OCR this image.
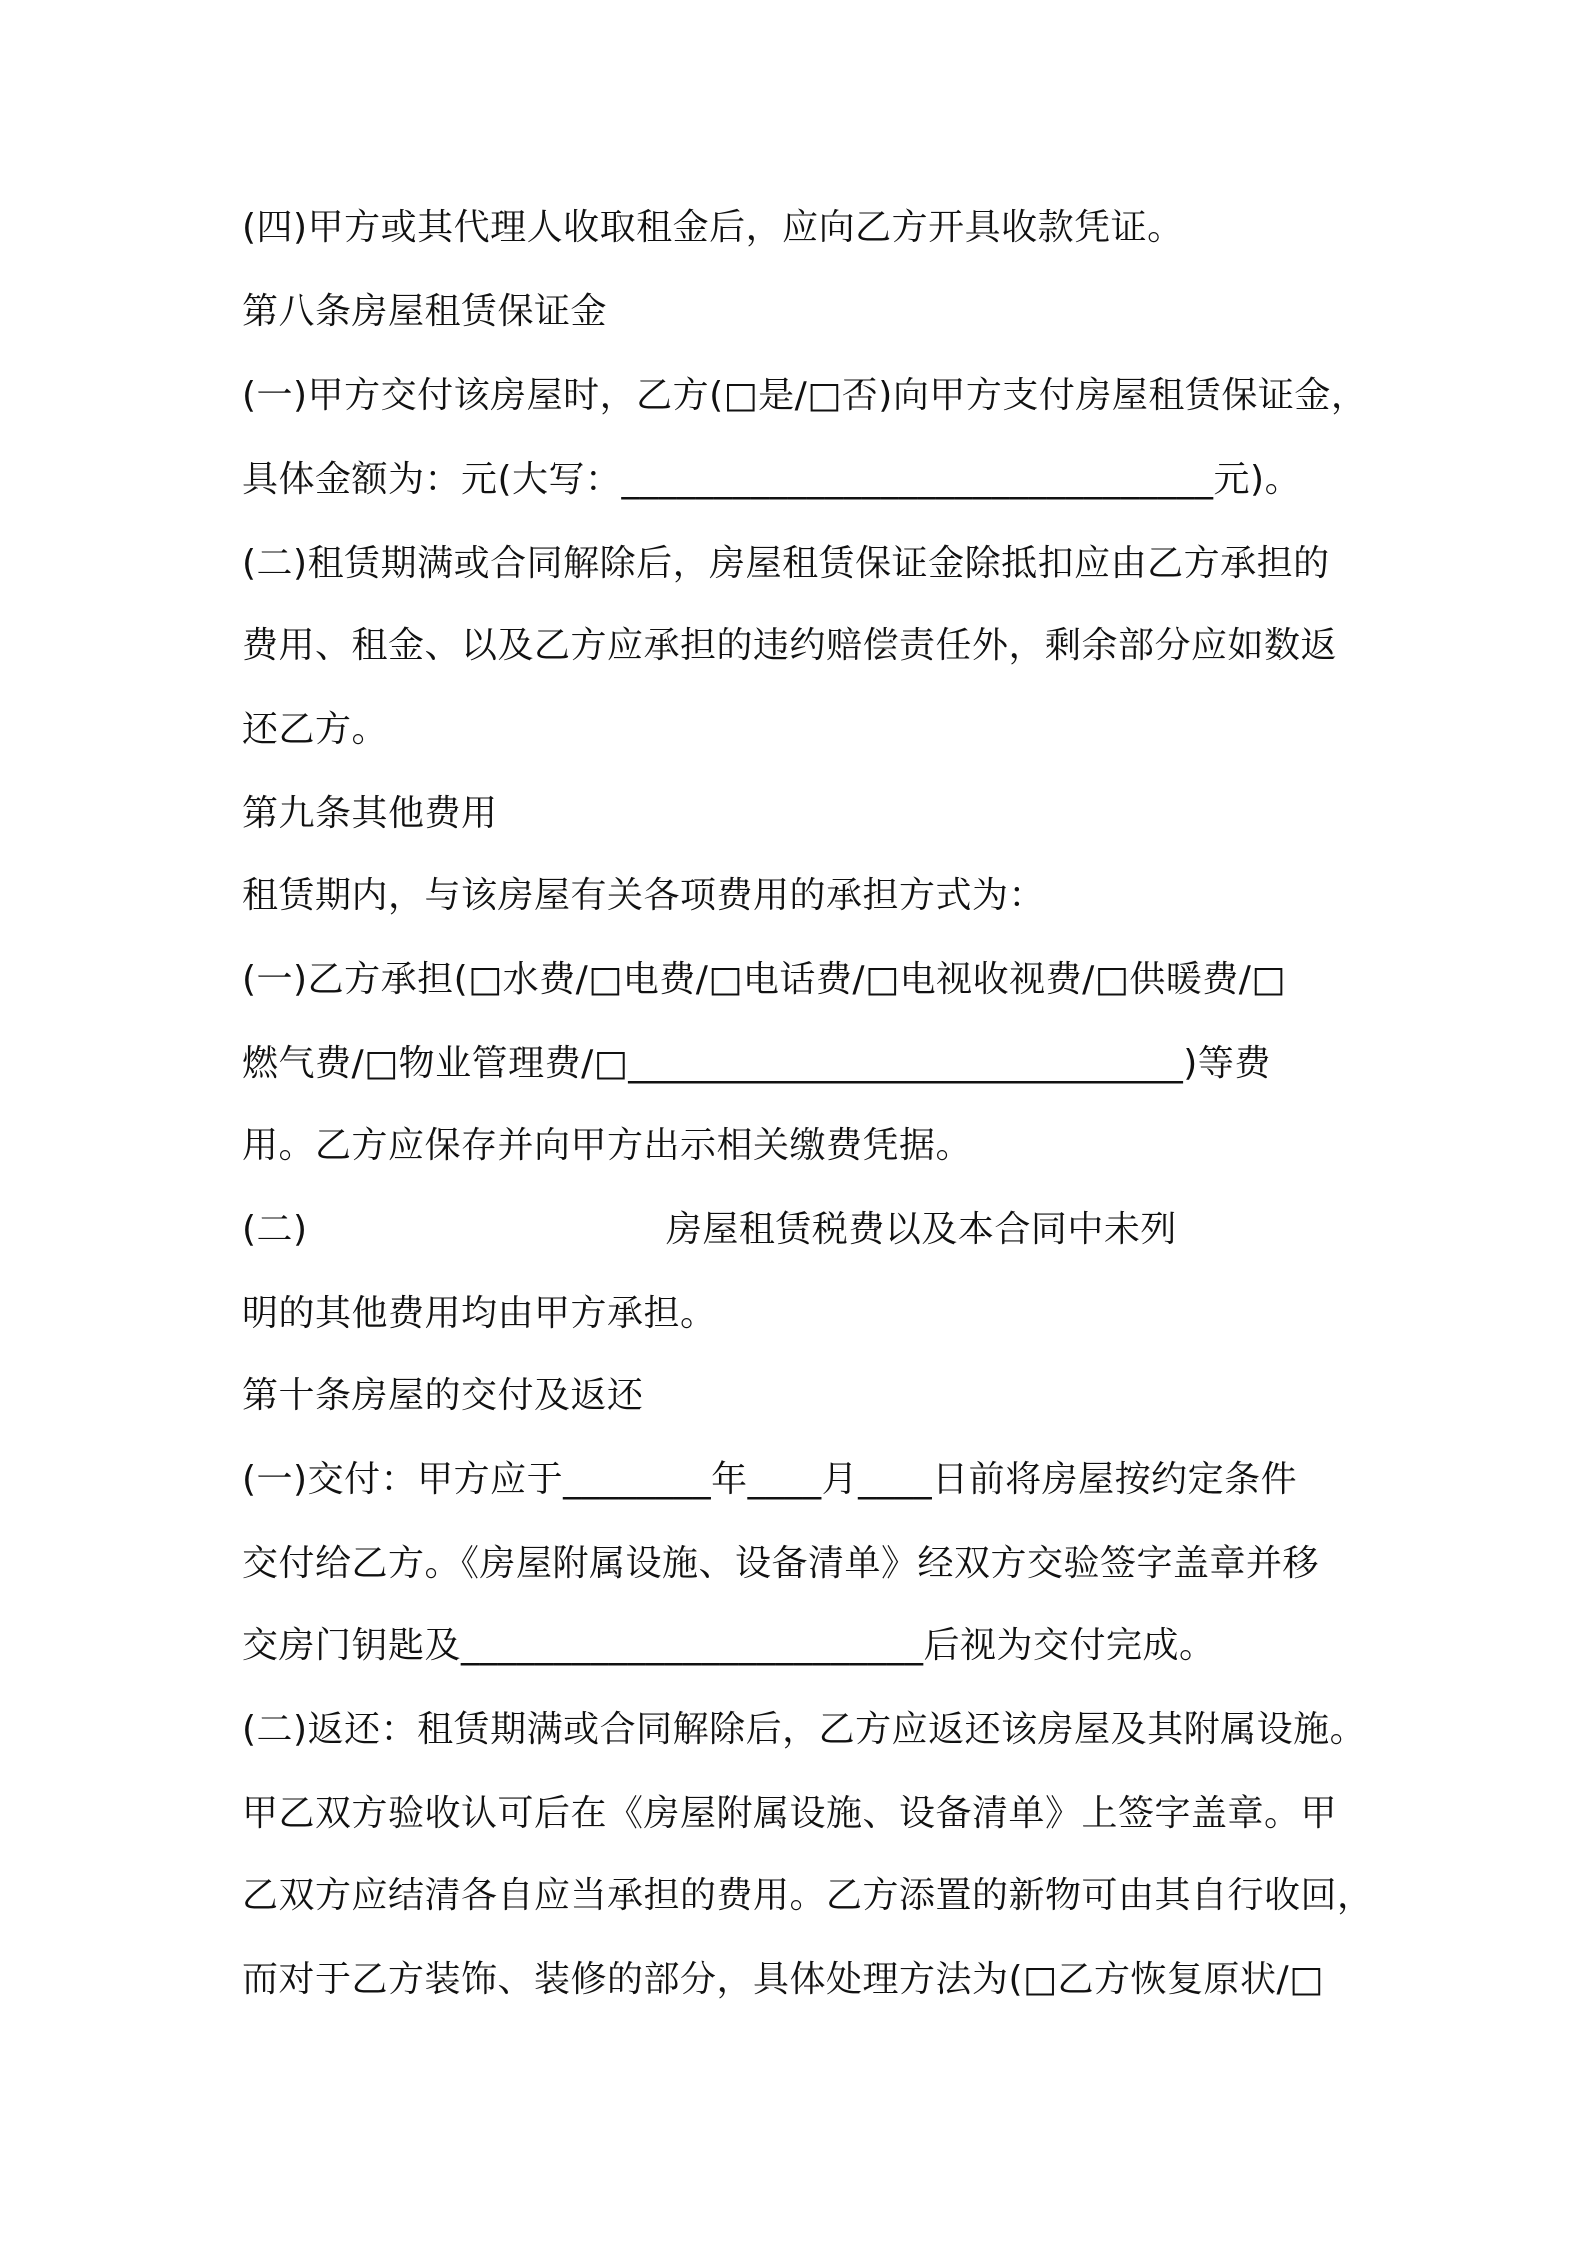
(四)甲方或其代理人收取租金后，应向乙方开具收款凭证。
第八条房屋租赁保证金
(一)甲方交付该房屋时，乙方(□是/□否)向甲方支付房屋租赁保证金，
具体金额为：元(大写：________________________________元)。
(二)租赁期满或合同解除后，房屋租赁保证金除抵扣应由乙方承担的
费用、租金、以及乙方应承担的违约赔偿责任外，剩余部分应如数返
还乙方。
第九条其他费用
租赁期内，与该房屋有关各项费用的承担方式为：
(一)乙方承担(□水费/□电费/□电话费/□电视收视费/□供暖费/□
燃气费/□物业管理费/□______________________________)等费
用。乙方应保存并向甲方出示相关缴费凭据。
(二)                              房屋租赁税费以及本合同中未列
明的其他费用均由甲方承担。
第十条房屋的交付及返还
(一)交付：甲方应于________年____月____日前将房屋按约定条件
交付给乙方。《房屋附属设施、设备清单》经双方交验签字盖章并移
交房门钥匙及_________________________后视为交付完成。
(二)返还：租赁期满或合同解除后，乙方应返还该房屋及其附属设施。
甲乙双方验收认可后在《房屋附属设施、设备清单》上签字盖章。甲
乙双方应结清各自应当承担的费用。乙方添置的新物可由其自行收回，
而对于乙方装饰、装修的部分，具体处理方法为(□乙方恢复原状/□
